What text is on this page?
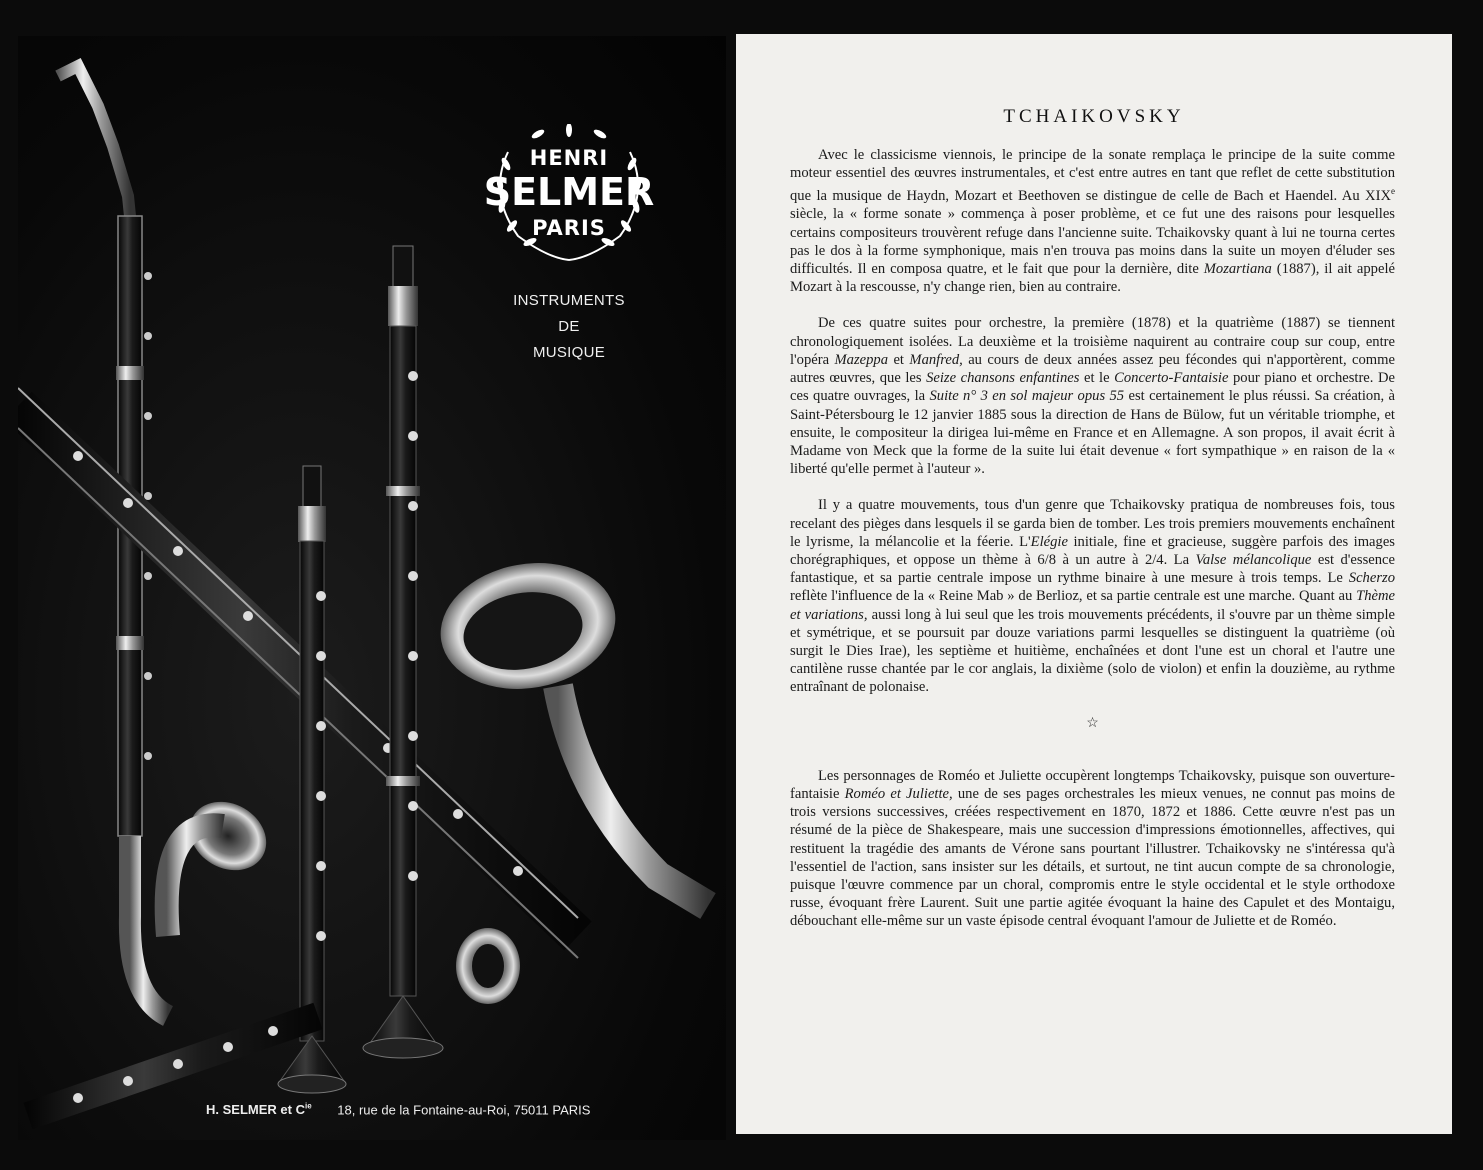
HENRI
SELMER
PARIS
INSTRUMENTS
DE
MUSIQUE
H. SELMER et $C^{ie}$ 18, rue de la Fontaine-au-Roi, 75011 PARIS
TCHAIKOVSKY

Avec le classicisme viennois, le principe de la sonate remplaça le principe de la suite comme moteur essentiel des œuvres instrumentales, et c'est entre autres en tant que reflet de cette substitution que la musique de Haydn, Mozart et Beethoven se distingue de celle de Bach et Haendel. Au XIXe siècle, la « forme sonate » commença à poser problème, et ce fut une des raisons pour lesquelles certains compositeurs trouvèrent refuge dans l'ancienne suite. Tchaikovsky quant à lui ne tourna certes pas le dos à la forme symphonique, mais n'en trouva pas moins dans la suite un moyen d'éluder ses difficultés. Il en composa quatre, et le fait que pour la dernière, dite Mozartiana (1887), il ait appelé Mozart à la rescousse, n'y change rien, bien au contraire.

De ces quatre suites pour orchestre, la première (1878) et la quatrième (1887) se tiennent chronologiquement isolées. La deuxième et la troisième naquirent au contraire coup sur coup, entre l'opéra Mazeppa et Manfred, au cours de deux années assez peu fécondes qui n'apportèrent, comme autres œuvres, que les Seize chansons enfantines et le Concerto-Fantaisie pour piano et orchestre. De ces quatre ouvrages, la Suite n° 3 en sol majeur opus 55 est certainement le plus réussi. Sa création, à Saint-Pétersbourg le 12 janvier 1885 sous la direction de Hans de Bülow, fut un véritable triomphe, et ensuite, le compositeur la dirigea lui-même en France et en Allemagne. A son propos, il avait écrit à Madame von Meck que la forme de la suite lui était devenue « fort sympathique » en raison de la « liberté qu'elle permet à l'auteur ».

Il y a quatre mouvements, tous d'un genre que Tchaikovsky pratiqua de nombreuses fois, tous recelant des pièges dans lesquels il se garda bien de tomber. Les trois premiers mouvements enchaînent le lyrisme, la mélancolie et la féerie. L'Elégie initiale, fine et gracieuse, suggère parfois des images chorégraphiques, et oppose un thème à 6/8 à un autre à 2/4. La Valse mélancolique est d'essence fantastique, et sa partie centrale impose un rythme binaire à une mesure à trois temps. Le Scherzo reflète l'influence de la « Reine Mab » de Berlioz, et sa partie centrale est une marche. Quant au Thème et variations, aussi long à lui seul que les trois mouvements précédents, il s'ouvre par un thème simple et symétrique, et se poursuit par douze variations parmi lesquelles se distinguent la quatrième (où surgit le Dies Irae), les septième et huitième, enchaînées et dont l'une est un choral et l'autre une cantilène russe chantée par le cor anglais, la dixième (solo de violon) et enfin la douzième, au rythme entraînant de polonaise.

☆

Les personnages de Roméo et Juliette occupèrent longtemps Tchaikovsky, puisque son ouverture-fantaisie Roméo et Juliette, une de ses pages orchestrales les mieux venues, ne connut pas moins de trois versions successives, créées respectivement en 1870, 1872 et 1886. Cette œuvre n'est pas un résumé de la pièce de Shakespeare, mais une succession d'impressions émotionnelles, affectives, qui restituent la tragédie des amants de Vérone sans pourtant l'illustrer. Tchaikovsky ne s'intéressa qu'à l'essentiel de l'action, sans insister sur les détails, et surtout, ne tint aucun compte de sa chronologie, puisque l'œuvre commence par un choral, compromis entre le style occidental et le style orthodoxe russe, évoquant frère Laurent. Suit une partie agitée évoquant la haine des Capulet et des Montaigu, débouchant elle-même sur un vaste épisode central évoquant l'amour de Juliette et de Roméo.
